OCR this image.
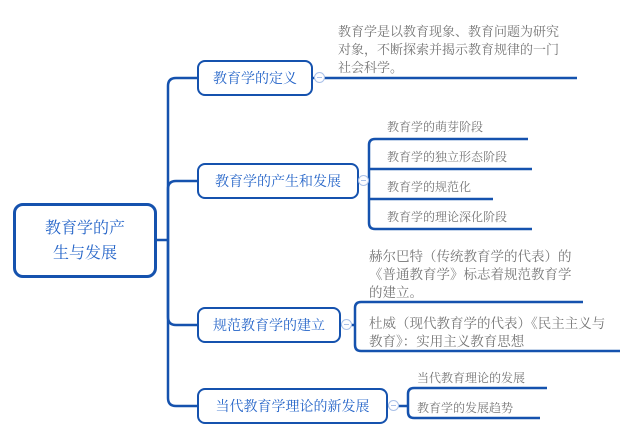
教育学的产
生与发展
教育学的定义
教育学的产生和发展
规范教育学的建立
当代教育学理论的新发展
教育学是以教育现象、教育问题为研究
对象，不断探索并揭示教育规律的一门
社会科学。
教育学的萌芽阶段
教育学的独立形态阶段
教育学的规范化
教育学的理论深化阶段
赫尔巴特（传统教育学的代表）的
《普通教育学》标志着规范教育学
的建立。
杜威（现代教育学的代表）《民主主义与
教育》：实用主义教育思想
当代教育理论的发展
教育学的发展趋势
